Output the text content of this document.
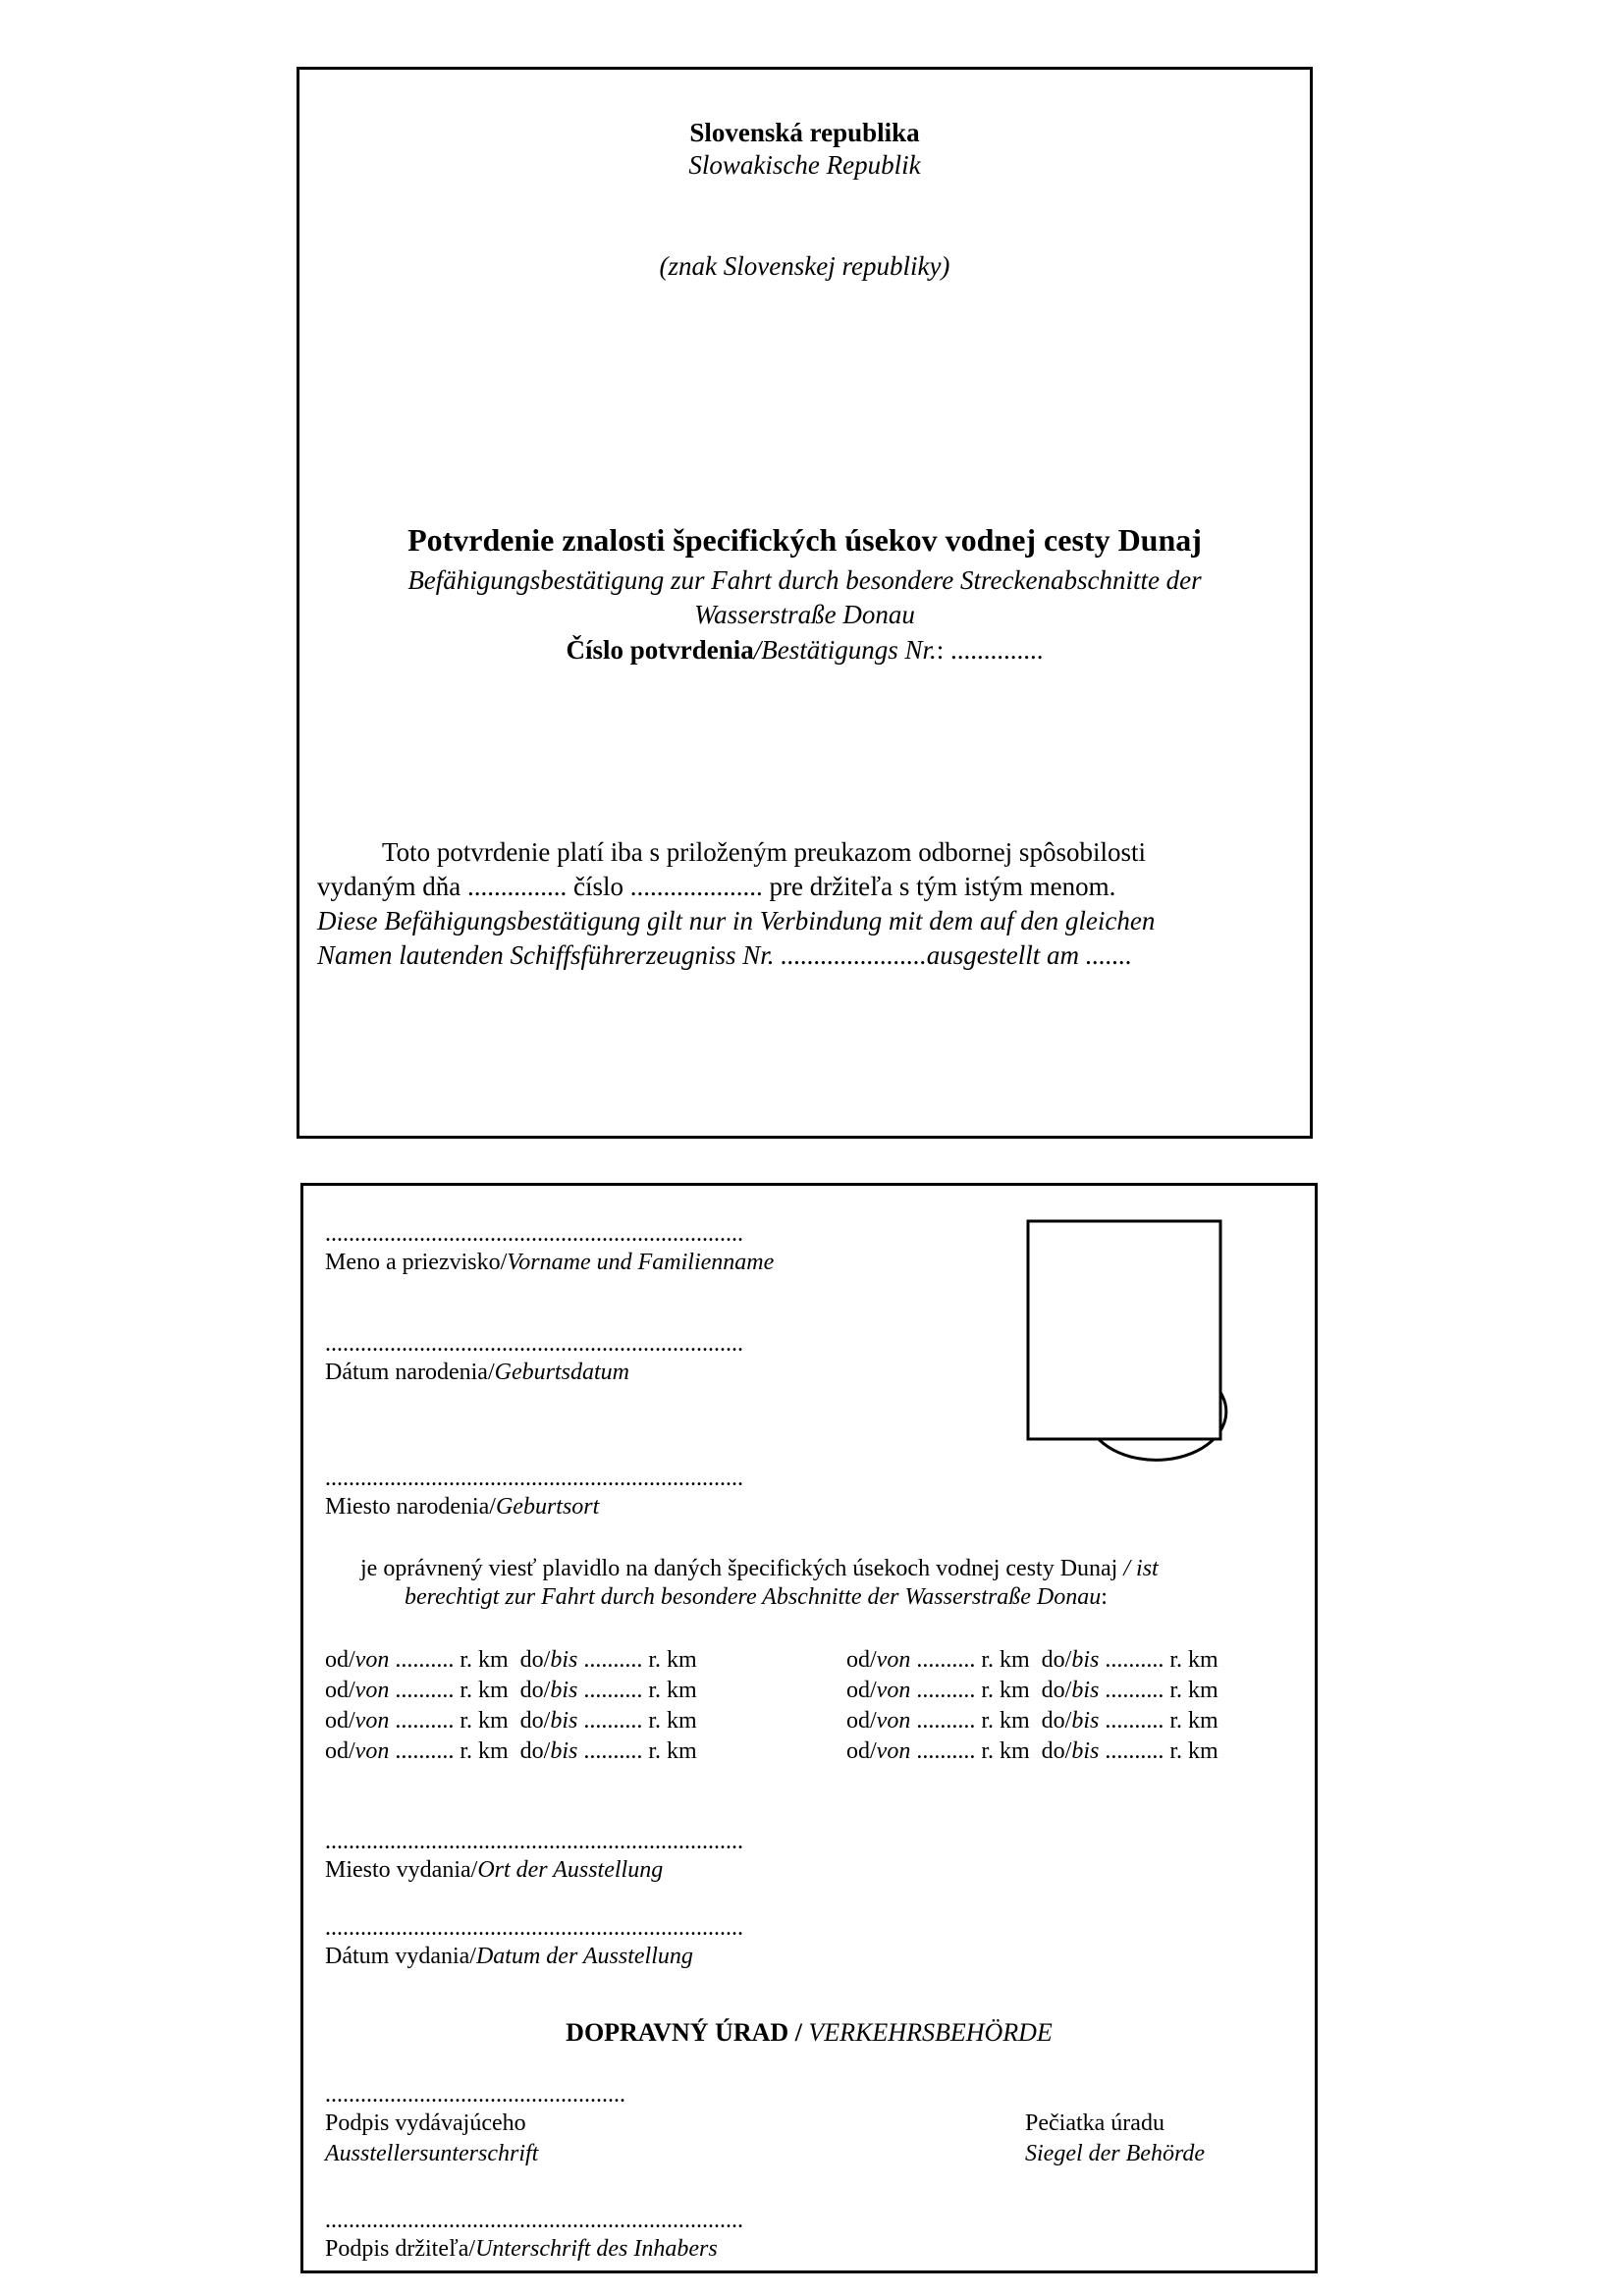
Slovenská republika
Slowakische Republik
(znak Slovenskej republiky)
Potvrdenie znalosti špecifických úsekov vodnej cesty Dunaj
Befähigungsbestätigung zur Fahrt durch besondere Streckenabschnitte der
Wasserstraße Donau
Číslo potvrdenia/Bestätigungs Nr.: ..............
Toto potvrdenie platí iba s priloženým preukazom odbornej spôsobilosti
vydaným dňa ............... číslo .................... pre držiteľa s tým istým menom.
Diese Befähigungsbestätigung gilt nur in Verbindung mit dem auf den gleichen
Namen lautenden Schiffsführerzeugniss Nr. ......................ausgestellt am .......
.......................................................................
Meno a priezvisko/Vorname und Familienname
.......................................................................
Dátum narodenia/Geburtsdatum
.......................................................................
Miesto narodenia/Geburtsort
je oprávnený viesť plavidlo na daných špecifických úsekoch vodnej cesty Dunaj / ist
berechtigt zur Fahrt durch besondere Abschnitte der Wasserstraße Donau:
od/von .......... r. km do/bis .......... r. km
od/von .......... r. km do/bis .......... r. km
od/von .......... r. km do/bis .......... r. km
od/von .......... r. km do/bis .......... r. km
od/von .......... r. km do/bis .......... r. km
od/von .......... r. km do/bis .......... r. km
od/von .......... r. km do/bis .......... r. km
od/von .......... r. km do/bis .......... r. km
.......................................................................
Miesto vydania/Ort der Ausstellung
.......................................................................
Dátum vydania/Datum der Ausstellung
DOPRAVNÝ ÚRAD / VERKEHRSBEHÖRDE
...................................................
Podpis vydávajúceho
Ausstellersunterschrift
Pečiatka úradu
Siegel der Behörde
.......................................................................
Podpis držiteľa/Unterschrift des Inhabers
